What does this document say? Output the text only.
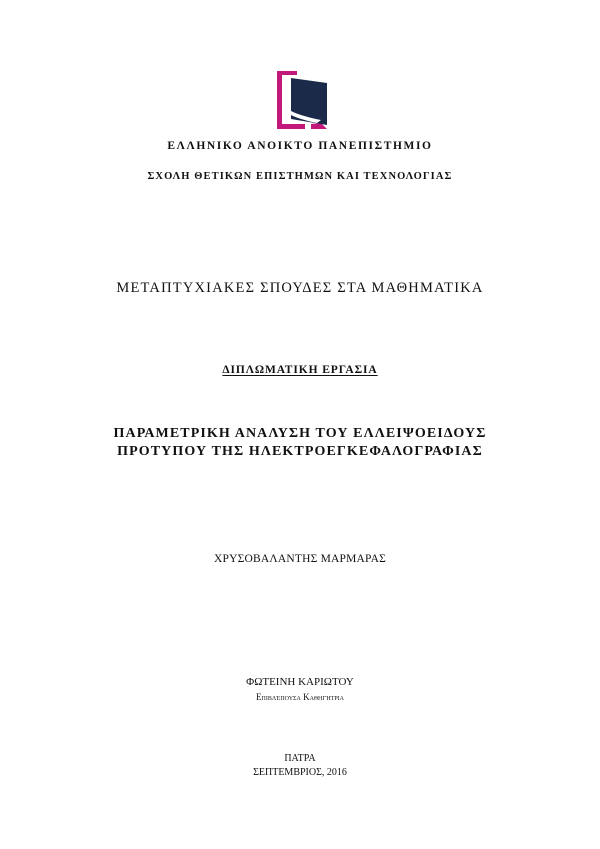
ΕΛΛΗΝΙΚΟ ΑΝΟΙΚΤΟ ΠΑΝΕΠΙΣΤΗΜΙΟ
ΣΧΟΛΗ ΘΕΤΙΚΩΝ ΕΠΙΣΤΗΜΩΝ ΚΑΙ ΤΕΧΝΟΛΟΓΙΑΣ
ΜΕΤΑΠΤΥΧΙΑΚΕΣ ΣΠΟΥΔΕΣ ΣΤΑ ΜΑΘΗΜΑΤΙΚΑ
ΔΙΠΛΩΜΑΤΙΚΗ ΕΡΓΑΣΙΑ
ΠΑΡΑΜΕΤΡΙΚΗ ΑΝΑΛΥΣΗ ΤΟΥ ΕΛΛΕΙΨΟΕΙΔΟΥΣ
ΠΡΟΤΥΠΟΥ ΤΗΣ ΗΛΕΚΤΡΟΕΓΚΕΦΑΛΟΓΡΑΦΙΑΣ
ΧΡΥΣΟΒΑΛΑΝΤΗΣ ΜΑΡΜΑΡΑΣ
ΦΩΤΕΙΝΗ ΚΑΡΙΩΤΟΥ
Επιβλέπουσα Καθηγήτρια
ΠΑΤΡΑ
ΣΕΠΤΕΜΒΡΙΟΣ, 2016
